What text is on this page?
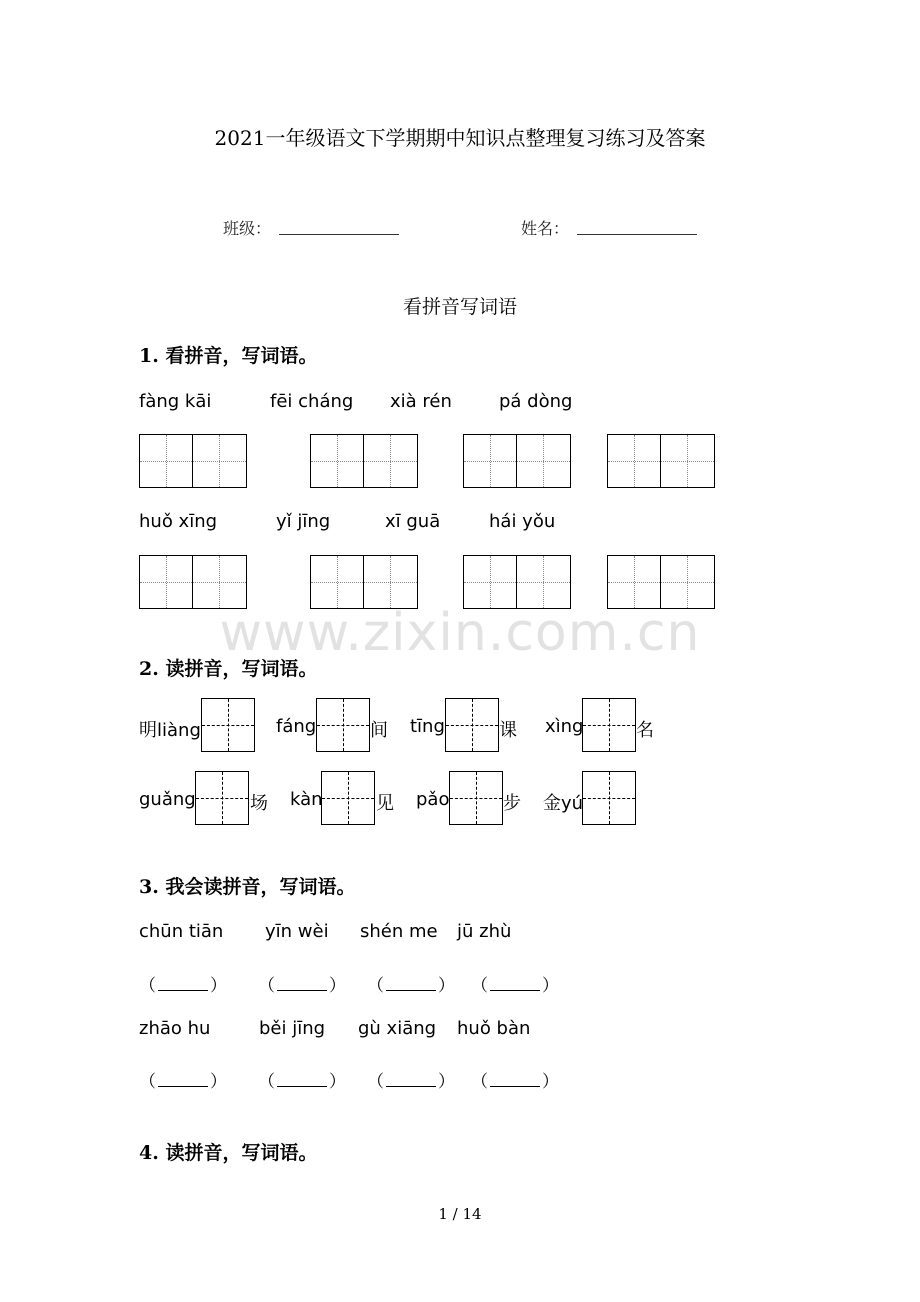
2021一年级语文下学期期中知识点整理复习练习及答案
班级：	姓名：
看拼音写词语
1. 看拼音，写词语。
fàng kāi	fēi cháng xià rén	pá dòng
huǒ xīng	yǐ jīng	xī guā	hái yǒu
www.zixin.com.cn
2. 读拼音，写词语。
明liàng	fáng	间 tīng	课 xìng	名
guǎng	场 kàn	见 pǎo	步 金yú
3. 我会读拼音，写词语。
chūn tiān yīn wèi shén me jū zhù
（	） （	） （	） （	）
zhāo hu	běi jīng gù xiāng huǒ bàn
（	） （	） （	） （	）
4. 读拼音，写词语。
1 / 14
